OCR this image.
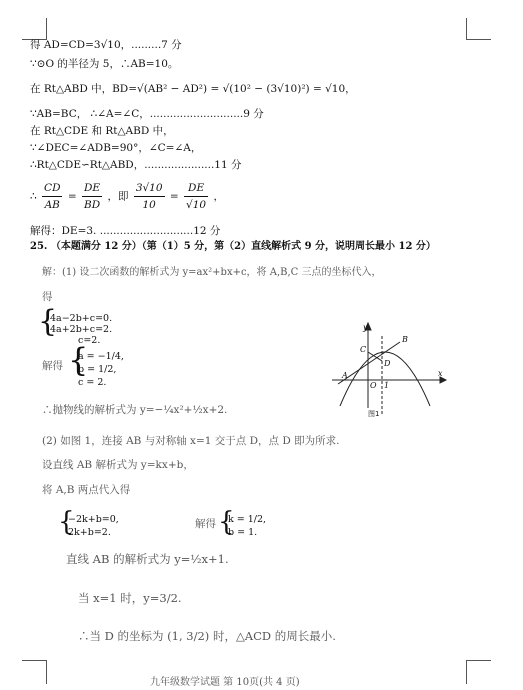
得 AD=CD=3√10，.........7 分
∵⊙O 的半径为 5，∴AB=10。
在 Rt△ABD 中，BD=√(AB² − AD²) = √(10² − (3√10)²) = √10，
∵AB=BC， ∴∠A=∠C，............................9 分
在 Rt△CDE 和 Rt△ABD 中，
∵∠DEC=∠ADB=90°，∠C=∠A，
∴Rt△CDE∽Rt△ABD，.....................11 分
∴ $\frac{CD}{AB} = \frac{DE}{BD}$ ，即 $\frac{3√10}{10} = \frac{DE}{√10}$ ，
解得：DE=3. ............................12 分
25. （本题满分 12 分）（第（1）5 分，第（2）直线解析式 9 分，说明周长最小 12 分）
解：(1) 设二次函数的解析式为 y=ax²+bx+c，将 A,B,C 三点的坐标代入，
得
{
4a−2b+c=0.
4a+2b+c=2.
c=2.
解得 {
a = −1/4,
b = 1/2,
c = 2.
y
x
A
O
C
D
B
1
图1
∴抛物线的解析式为 y=−¼x²+½x+2.
(2) 如图 1，连接 AB 与对称轴 x=1 交于点 D，点 D 即为所求.
设直线 AB 解析式为 y=kx+b，
将 A,B 两点代入得
{
−2k+b=0,
2k+b=2.
解得 {
k = 1/2,
b = 1.
直线 AB 的解析式为 y=½x+1.
当 x=1 时，y=3/2.
∴当 D 的坐标为 (1, 3/2) 时，△ACD 的周长最小.
九年级数学试题 第 10页(共 4 页)
